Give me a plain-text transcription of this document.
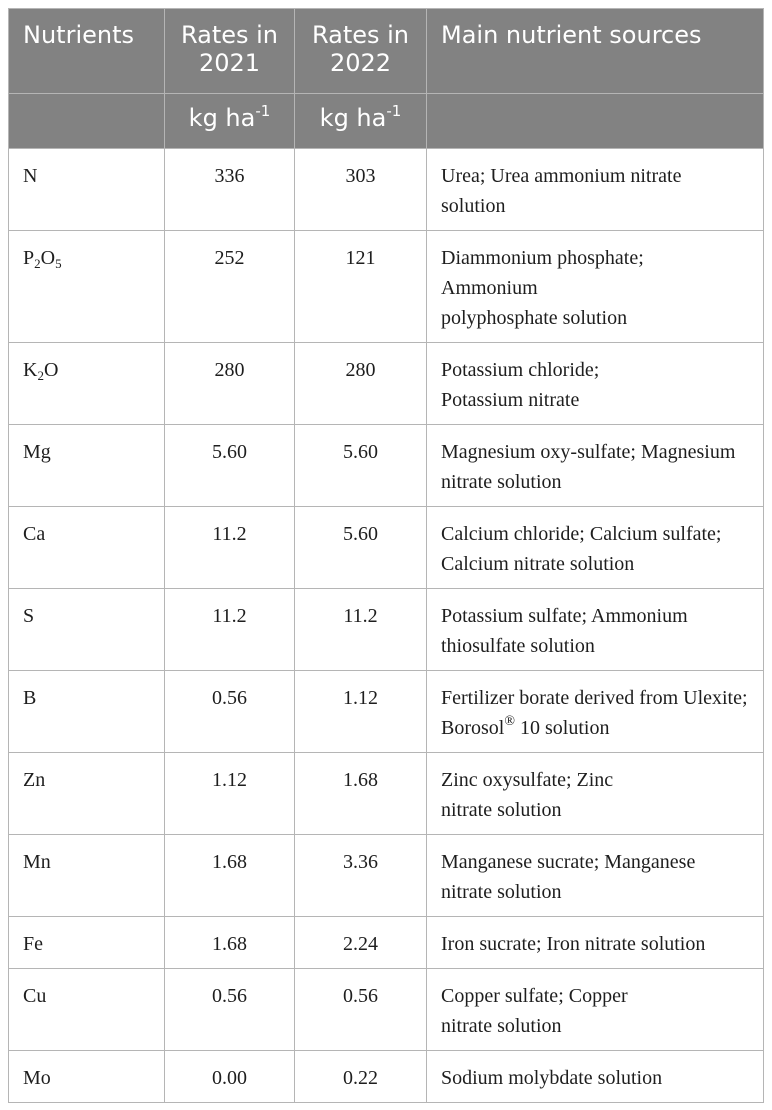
Nutrients	Rates in 2021	Rates in 2022	Main nutrient sources
	kg $ha^{-1}$	kg $ha^{-1}$	
N	336	303	Urea; Urea ammonium nitrate solution
$P_2O_5$	252	121	Diammonium phosphate; Ammonium polyphosphate solution
$K_2O$	280	280	Potassium chloride; Potassium nitrate
Mg	5.60	5.60	Magnesium oxy-sulfate; Magnesium nitrate solution
Ca	11.2	5.60	Calcium chloride; Calcium sulfate; Calcium nitrate solution
S	11.2	11.2	Potassium sulfate; Ammonium thiosulfate solution
B	0.56	1.12	Fertilizer borate derived from Ulexite; Borosol® 10 solution
Zn	1.12	1.68	Zinc oxysulfate; Zinc nitrate solution
Mn	1.68	3.36	Manganese sucrate; Manganese nitrate solution
Fe	1.68	2.24	Iron sucrate; Iron nitrate solution
Cu	0.56	0.56	Copper sulfate; Copper nitrate solution
Mo	0.00	0.22	Sodium molybdate solution
